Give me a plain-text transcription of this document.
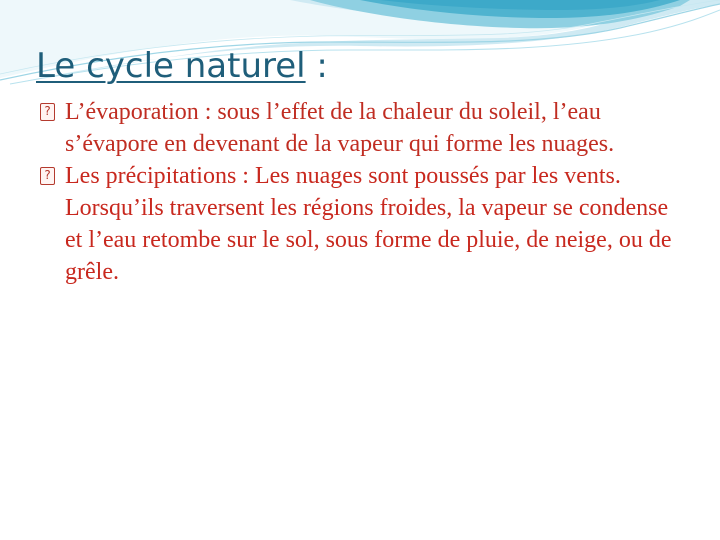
Le cycle naturel :
?
L’évaporation : sous l’effet de la chaleur du soleil, l’eau s’évapore en devenant de la vapeur qui forme les nuages.
?
Les précipitations : Les nuages sont poussés par les vents. Lorsqu’ils traversent les régions froides, la vapeur se condense et l’eau retombe sur le sol, sous forme de pluie, de neige, ou de grêle.
